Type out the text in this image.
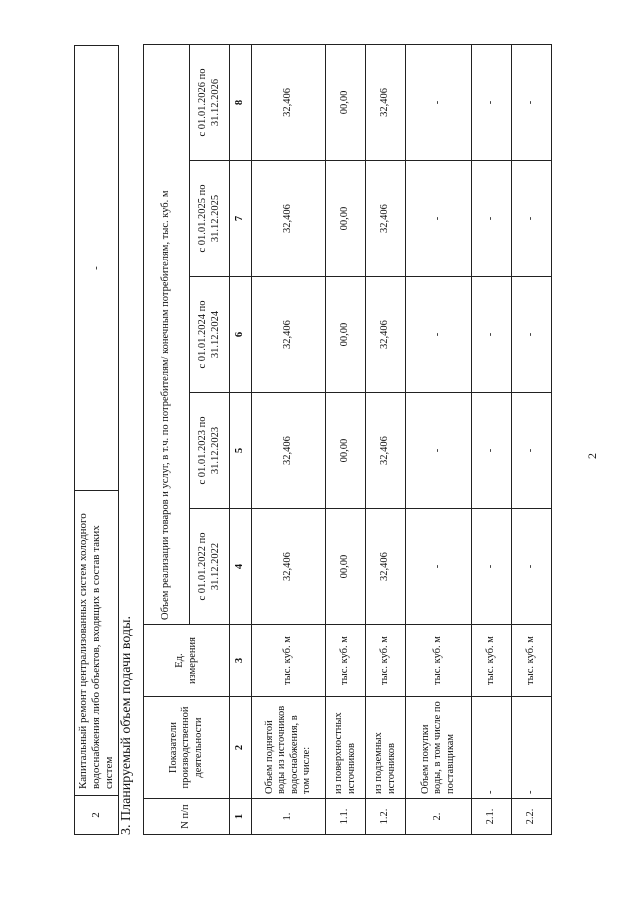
2
2	Капитальный ремонт централизованных систем холодного водоснабжения либо объектов, входящих в состав таких систем	-
3. Планируемый объем подачи воды.	N п/п	Показатели производственной деятельности	Ед. измерения	Объем реализации товаров и услуг, в т.ч. по потребителям/ конечным потребителям, тыс. куб. м				
			с 01.01.2022 по 31.12.2022	с 01.01.2023 по 31.12.2023	с 01.01.2024 по 31.12.2024	с 01.01.2025 по 31.12.2025	с 01.01.2026 по 31.12.2026
1	2	3	4	5	6	7	8
1.	Объем поднятой воды из источников водоснабжения, в том числе:	тыс. куб. м	32,406	32,406	32,406	32,406	32,406
1.1.	из поверхностных источников	тыс. куб. м	00,00	00,00	00,00	00,00	00,00
1.2.	из подземных источников	тыс. куб. м	32,406	32,406	32,406	32,406	32,406
2.	Объем покупки воды, в том числе по поставщикам	тыс. куб. м	-	-	-	-	-
2.1.	-	тыс. куб. м	-	-	-	-	-
2.2.	-	тыс. куб. м	-	-	-	-	-
